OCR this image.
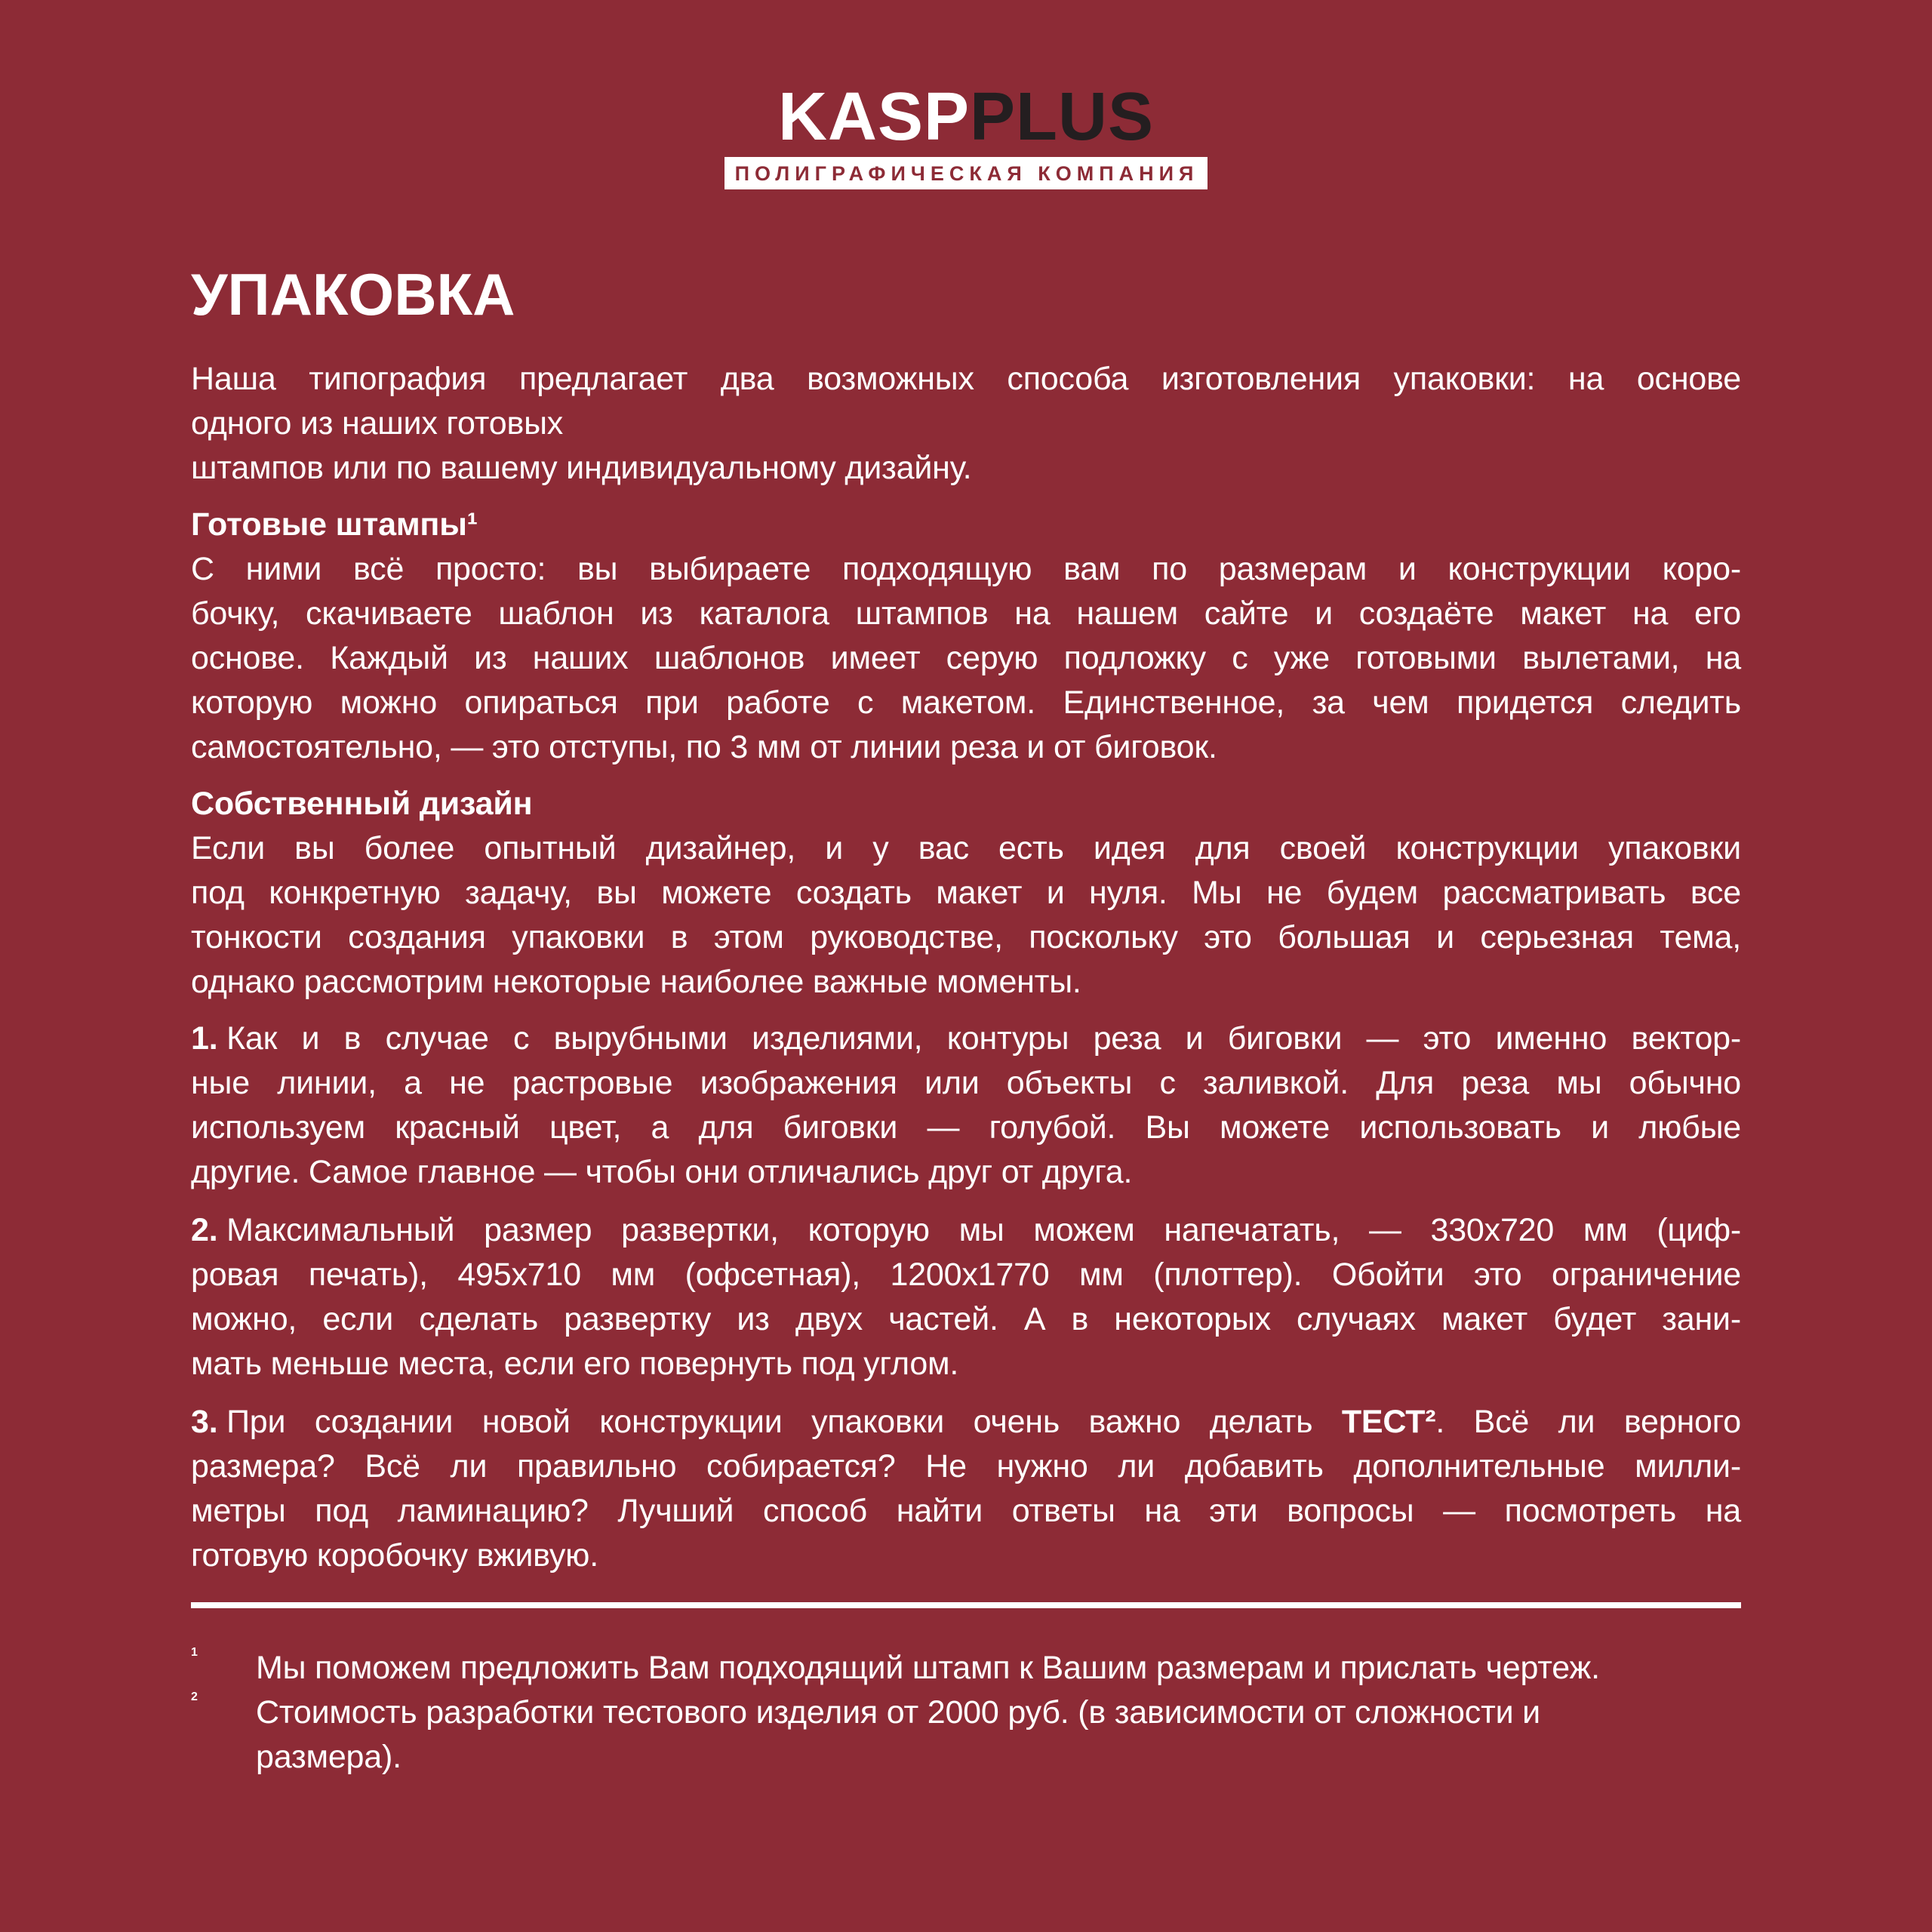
KASPPLUS
ПОЛИГРАФИЧЕСКАЯ КОМПАНИЯ
УПАКОВКА
Наша типография предлагает два возможных способа изготовления упаковки: на основе
одного из наших готовых
штампов или по вашему индивидуальному дизайну.
Готовые штампы¹
С ними всё просто: вы выбираете подходящую вам по размерам и конструкции коро-
бочку, скачиваете шаблон из каталога штампов на нашем сайте и создаёте макет на его
основе. Каждый из наших шаблонов имеет серую подложку с уже готовыми вылетами, на
которую можно опираться при работе с макетом. Единственное, за чем придется следить
самостоятельно, — это отступы, по 3 мм от линии реза и от биговок.
Собственный дизайн
Если вы более опытный дизайнер, и у вас есть идея для своей конструкции упаковки
под конкретную задачу, вы можете создать макет и нуля. Мы не будем рассматривать все
тонкости создания упаковки в этом руководстве, поскольку это большая и серьезная тема,
однако рассмотрим некоторые наиболее важные моменты.
1. Как и в случае с вырубными изделиями, контуры реза и биговки — это именно вектор-
ные линии, а не растровые изображения или объекты с заливкой. Для реза мы обычно
используем красный цвет, а для биговки — голубой. Вы можете использовать и любые
другие. Самое главное — чтобы они отличались друг от друга.
2. Максимальный размер развертки, которую мы можем напечатать, — 330х720 мм (циф-
ровая печать), 495х710 мм (офсетная), 1200х1770 мм (плоттер). Обойти это ограничение
можно, если сделать развертку из двух частей. А в некоторых случаях макет будет зани-
мать меньше места, если его повернуть под углом.
3. При создании новой конструкции упаковки очень важно делать ТЕСТ². Всё ли верного
размера? Всё ли правильно собирается? Не нужно ли добавить дополнительные милли-
метры под ламинацию? Лучший способ найти ответы на эти вопросы — посмотреть на
готовую коробочку вживую.
1	Мы поможем предложить Вам подходящий штамп к Вашим размерам и прислать чертеж.
2	Стоимость разработки тестового изделия от 2000 руб. (в зависимости от сложности и
размера).
